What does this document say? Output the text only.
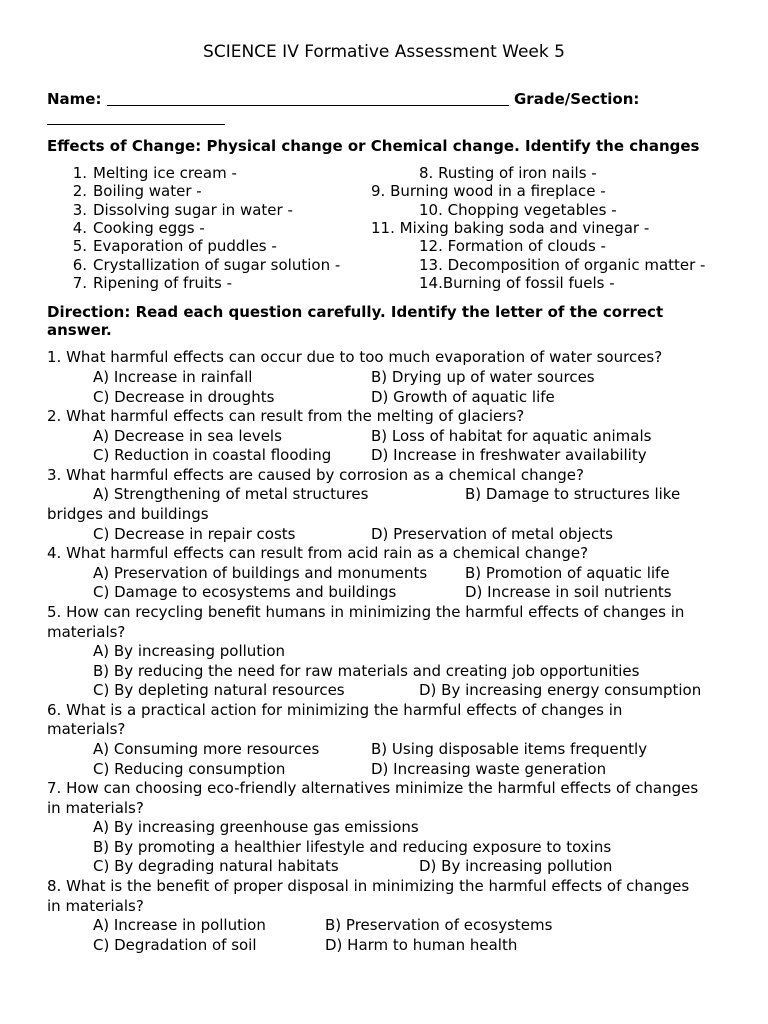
SCIENCE IV Formative Assessment Week 5
Name:	Grade/Section:
Effects of Change: Physical change or Chemical change. Identify the changes
1. Melting ice cream -
2. Boiling water -
3. Dissolving sugar in water -
4. Cooking eggs -
5. Evaporation of puddles -
6. Crystallization of sugar solution -
7. Ripening of fruits -
8. Rusting of iron nails -
9. Burning wood in a fireplace -
10. Chopping vegetables -
11. Mixing baking soda and vinegar -
12. Formation of clouds -
13. Decomposition of organic matter -
14.Burning of fossil fuels -
Direction: Read each question carefully. Identify the letter of the correct
answer.
1. What harmful effects can occur due to too much evaporation of water sources?
A) Increase in rainfall	B) Drying up of water sources
C) Decrease in droughts	D) Growth of aquatic life
2. What harmful effects can result from the melting of glaciers?
A) Decrease in sea levels	B) Loss of habitat for aquatic animals
C) Reduction in coastal flooding	D) Increase in freshwater availability
3. What harmful effects are caused by corrosion as a chemical change?
A) Strengthening of metal structures	B) Damage to structures like
bridges and buildings
C) Decrease in repair costs	D) Preservation of metal objects
4. What harmful effects can result from acid rain as a chemical change?
A) Preservation of buildings and monuments	B) Promotion of aquatic life
C) Damage to ecosystems and buildings	D) Increase in soil nutrients
5. How can recycling benefit humans in minimizing the harmful effects of changes in
materials?
A) By increasing pollution
B) By reducing the need for raw materials and creating job opportunities
C) By depleting natural resources	D) By increasing energy consumption
6. What is a practical action for minimizing the harmful effects of changes in
materials?
A) Consuming more resources	B) Using disposable items frequently
C) Reducing consumption	D) Increasing waste generation
7. How can choosing eco-friendly alternatives minimize the harmful effects of changes
in materials?
A) By increasing greenhouse gas emissions
B) By promoting a healthier lifestyle and reducing exposure to toxins
C) By degrading natural habitats	D) By increasing pollution
8. What is the benefit of proper disposal in minimizing the harmful effects of changes
in materials?
A) Increase in pollution	B) Preservation of ecosystems
C) Degradation of soil	D) Harm to human health
